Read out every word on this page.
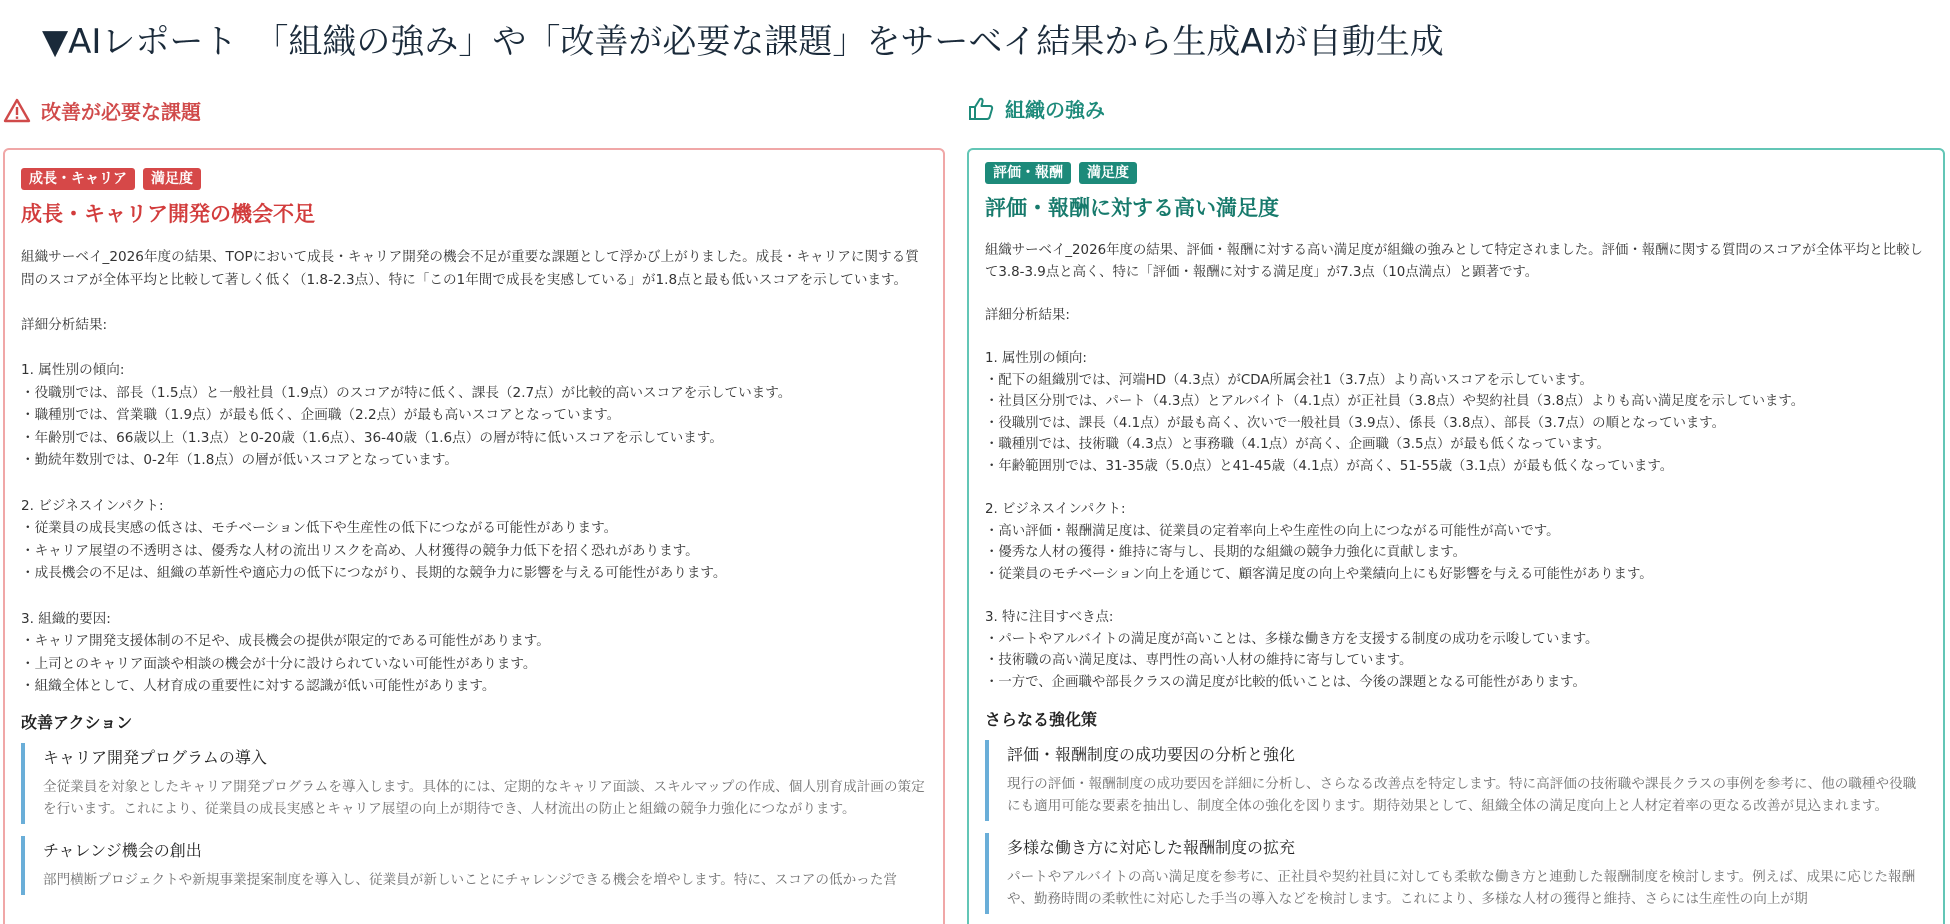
▼AIレポート　「組織の強み」や「改善が必要な課題」をサーベイ結果から生成AIが自動生成
改善が必要な課題	組織の強み
成長・キャリア	満足度
成長・キャリア開発の機会不足
組織サーベイ_2026年度の結果、TOPにおいて成長・キャリア開発の機会不足が重要な課題として浮かび上がりました。成長・キャリアに関する質問のスコアが全体平均と比較して著しく低く（1.8-2.3点）、特に「この1年間で成長を実感している」が1.8点と最も低いスコアを示しています。

詳細分析結果:

1. 属性別の傾向:
・役職別では、部長（1.5点）と一般社員（1.9点）のスコアが特に低く、課長（2.7点）が比較的高いスコアを示しています。
・職種別では、営業職（1.9点）が最も低く、企画職（2.2点）が最も高いスコアとなっています。
・年齢別では、66歳以上（1.3点）と0-20歳（1.6点）、36-40歳（1.6点）の層が特に低いスコアを示しています。
・勤続年数別では、0-2年（1.8点）の層が低いスコアとなっています。

2. ビジネスインパクト:
・従業員の成長実感の低さは、モチベーション低下や生産性の低下につながる可能性があります。
・キャリア展望の不透明さは、優秀な人材の流出リスクを高め、人材獲得の競争力低下を招く恐れがあります。
・成長機会の不足は、組織の革新性や適応力の低下につながり、長期的な競争力に影響を与える可能性があります。

3. 組織的要因:
・キャリア開発支援体制の不足や、成長機会の提供が限定的である可能性があります。
・上司とのキャリア面談や相談の機会が十分に設けられていない可能性があります。
・組織全体として、人材育成の重要性に対する認識が低い可能性があります。
改善アクション
キャリア開発プログラムの導入
全従業員を対象としたキャリア開発プログラムを導入します。具体的には、定期的なキャリア面談、スキルマップの作成、個人別育成計画の策定を行います。これにより、従業員の成長実感とキャリア展望の向上が期待でき、人材流出の防止と組織の競争力強化につながります。
チャレンジ機会の創出
部門横断プロジェクトや新規事業提案制度を導入し、従業員が新しいことにチャレンジできる機会を増やします。特に、スコアの低かった営
評価・報酬	満足度
評価・報酬に対する高い満足度
組織サーベイ_2026年度の結果、評価・報酬に対する高い満足度が組織の強みとして特定されました。評価・報酬に関する質問のスコアが全体平均と比較して3.8-3.9点と高く、特に「評価・報酬に対する満足度」が7.3点（10点満点）と顕著です。

詳細分析結果:

1. 属性別の傾向:
・配下の組織別では、河端HD（4.3点）がCDA所属会社1（3.7点）より高いスコアを示しています。
・社員区分別では、パート（4.3点）とアルバイト（4.1点）が正社員（3.8点）や契約社員（3.8点）よりも高い満足度を示しています。
・役職別では、課長（4.1点）が最も高く、次いで一般社員（3.9点）、係長（3.8点）、部長（3.7点）の順となっています。
・職種別では、技術職（4.3点）と事務職（4.1点）が高く、企画職（3.5点）が最も低くなっています。
・年齢範囲別では、31-35歳（5.0点）と41-45歳（4.1点）が高く、51-55歳（3.1点）が最も低くなっています。

2. ビジネスインパクト:
・高い評価・報酬満足度は、従業員の定着率向上や生産性の向上につながる可能性が高いです。
・優秀な人材の獲得・維持に寄与し、長期的な組織の競争力強化に貢献します。
・従業員のモチベーション向上を通じて、顧客満足度の向上や業績向上にも好影響を与える可能性があります。

3. 特に注目すべき点:
・パートやアルバイトの満足度が高いことは、多様な働き方を支援する制度の成功を示唆しています。
・技術職の高い満足度は、専門性の高い人材の維持に寄与しています。
・一方で、企画職や部長クラスの満足度が比較的低いことは、今後の課題となる可能性があります。
さらなる強化策
評価・報酬制度の成功要因の分析と強化
現行の評価・報酬制度の成功要因を詳細に分析し、さらなる改善点を特定します。特に高評価の技術職や課長クラスの事例を参考に、他の職種や役職にも適用可能な要素を抽出し、制度全体の強化を図ります。期待効果として、組織全体の満足度向上と人材定着率の更なる改善が見込まれます。
多様な働き方に対応した報酬制度の拡充
パートやアルバイトの高い満足度を参考に、正社員や契約社員に対しても柔軟な働き方と連動した報酬制度を検討します。例えば、成果に応じた報酬や、勤務時間の柔軟性に対応した手当の導入などを検討します。これにより、多様な人材の獲得と維持、さらには生産性の向上が期
